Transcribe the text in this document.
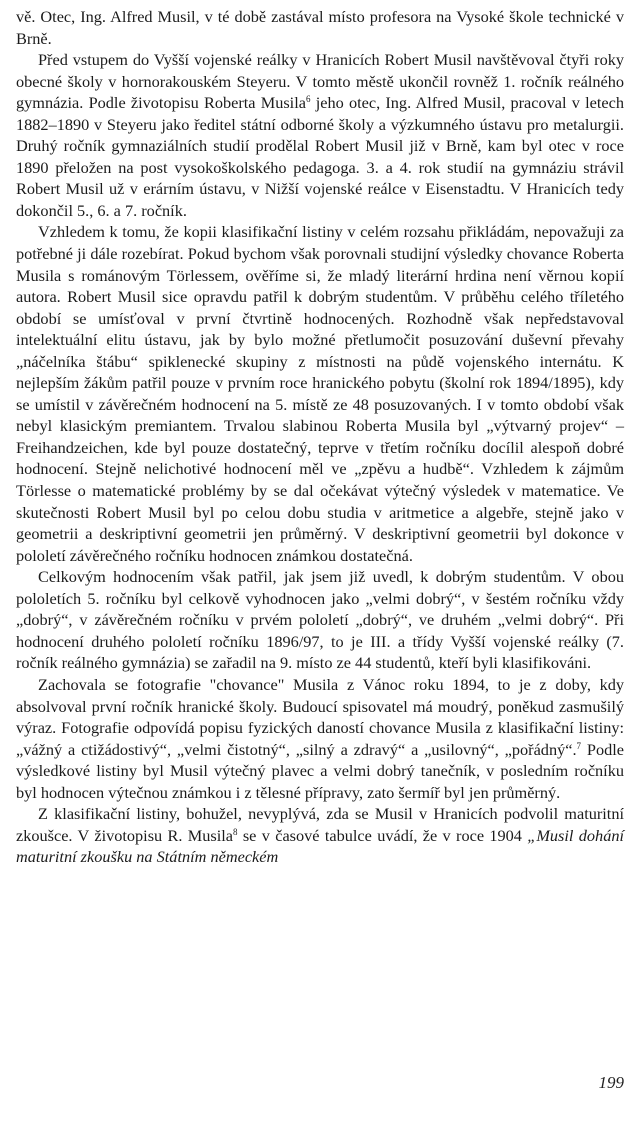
vě. Otec, Ing. Alfred Musil, v té době zastával místo profesora na Vysoké škole technické v Brně.

Před vstupem do Vyšší vojenské reálky v Hranicích Robert Musil navštěvoval čtyři roky obecné školy v hornorakouském Steyeru. V tomto městě ukončil rovněž 1. ročník reálného gymnázia. Podle životopisu Roberta Musila$^6$ jeho otec, Ing. Alfred Musil, pracoval v letech 1882–1890 v Steyeru jako ředitel státní odborné školy a výzkumného ústavu pro metalurgii. Druhý ročník gymnaziálních studií prodělal Robert Musil již v Brně, kam byl otec v roce 1890 přeložen na post vysokoškolského pedagoga. 3. a 4. rok studií na gymnáziu strávil Robert Musil už v erárním ústavu, v Nižší vojenské reálce v Eisenstadtu. V Hranicích tedy dokončil 5., 6. a 7. ročník.

Vzhledem k tomu, že kopii klasifikační listiny v celém rozsahu přikládám, nepovažuji za potřebné ji dále rozebírat. Pokud bychom však porovnali studijní výsledky chovance Roberta Musila s románovým Törlessem, ověříme si, že mladý literární hrdina není věrnou kopií autora. Robert Musil sice opravdu patřil k dobrým studentům. V průběhu celého tříletého období se umísťoval v první čtvrtině hodnocených. Rozhodně však nepředstavoval intelektuální elitu ústavu, jak by bylo možné přetlumočit posuzování duševní převahy „náčelníka štábu“ spiklenecké skupiny z místnosti na půdě vojenského internátu. K nejlepším žákům patřil pouze v prvním roce hranického pobytu (školní rok 1894/1895), kdy se umístil v závěrečném hodnocení na 5. místě ze 48 posuzovaných. I v tomto období však nebyl klasickým premiantem. Trvalou slabinou Roberta Musila byl „výtvarný projev“ – Freihandzeichen, kde byl pouze dostatečný, teprve v třetím ročníku docílil alespoň dobré hodnocení. Stejně nelichotivé hodnocení měl ve „zpěvu a hudbě“. Vzhledem k zájmům Törlesse o matematické problémy by se dal očekávat výtečný výsledek v matematice. Ve skutečnosti Robert Musil byl po celou dobu studia v aritmetice a algebře, stejně jako v geometrii a deskriptivní geometrii jen průměrný. V deskriptivní geometrii byl dokonce v pololetí závěrečného ročníku hodnocen známkou dostatečná.

Celkovým hodnocením však patřil, jak jsem již uvedl, k dobrým studentům. V obou pololetích 5. ročníku byl celkově vyhodnocen jako „velmi dobrý“, v šestém ročníku vždy „dobrý“, v závěrečném ročníku v prvém pololetí „dobrý“, ve druhém „velmi dobrý“. Při hodnocení druhého pololetí ročníku 1896/97, to je III. a třídy Vyšší vojenské reálky (7. ročník reálného gymnázia) se zařadil na 9. místo ze 44 studentů, kteří byli klasifikováni.

Zachovala se fotografie "chovance" Musila z Vánoc roku 1894, to je z doby, kdy absolvoval první ročník hranické školy. Budoucí spisovatel má moudrý, poněkud zasmušilý výraz. Fotografie odpovídá popisu fyzických daností chovance Musila z klasifikační listiny: „vážný a ctižádostivý“, „velmi čistotný“, „silný a zdravý“ a „usilovný“, „pořádný“.$^7$ Podle výsledkové listiny byl Musil výtečný plavec a velmi dobrý tanečník, v posledním ročníku byl hodnocen výtečnou známkou i z tělesné přípravy, zato šermíř byl jen průměrný.

Z klasifikační listiny, bohužel, nevyplývá, zda se Musil v Hranicích podvolil maturitní zkoušce. V životopisu R. Musila$^8$ se v časové tabulce uvádí, že v roce 1904 „Musil dohání maturitní zkoušku na Státním německém

199
